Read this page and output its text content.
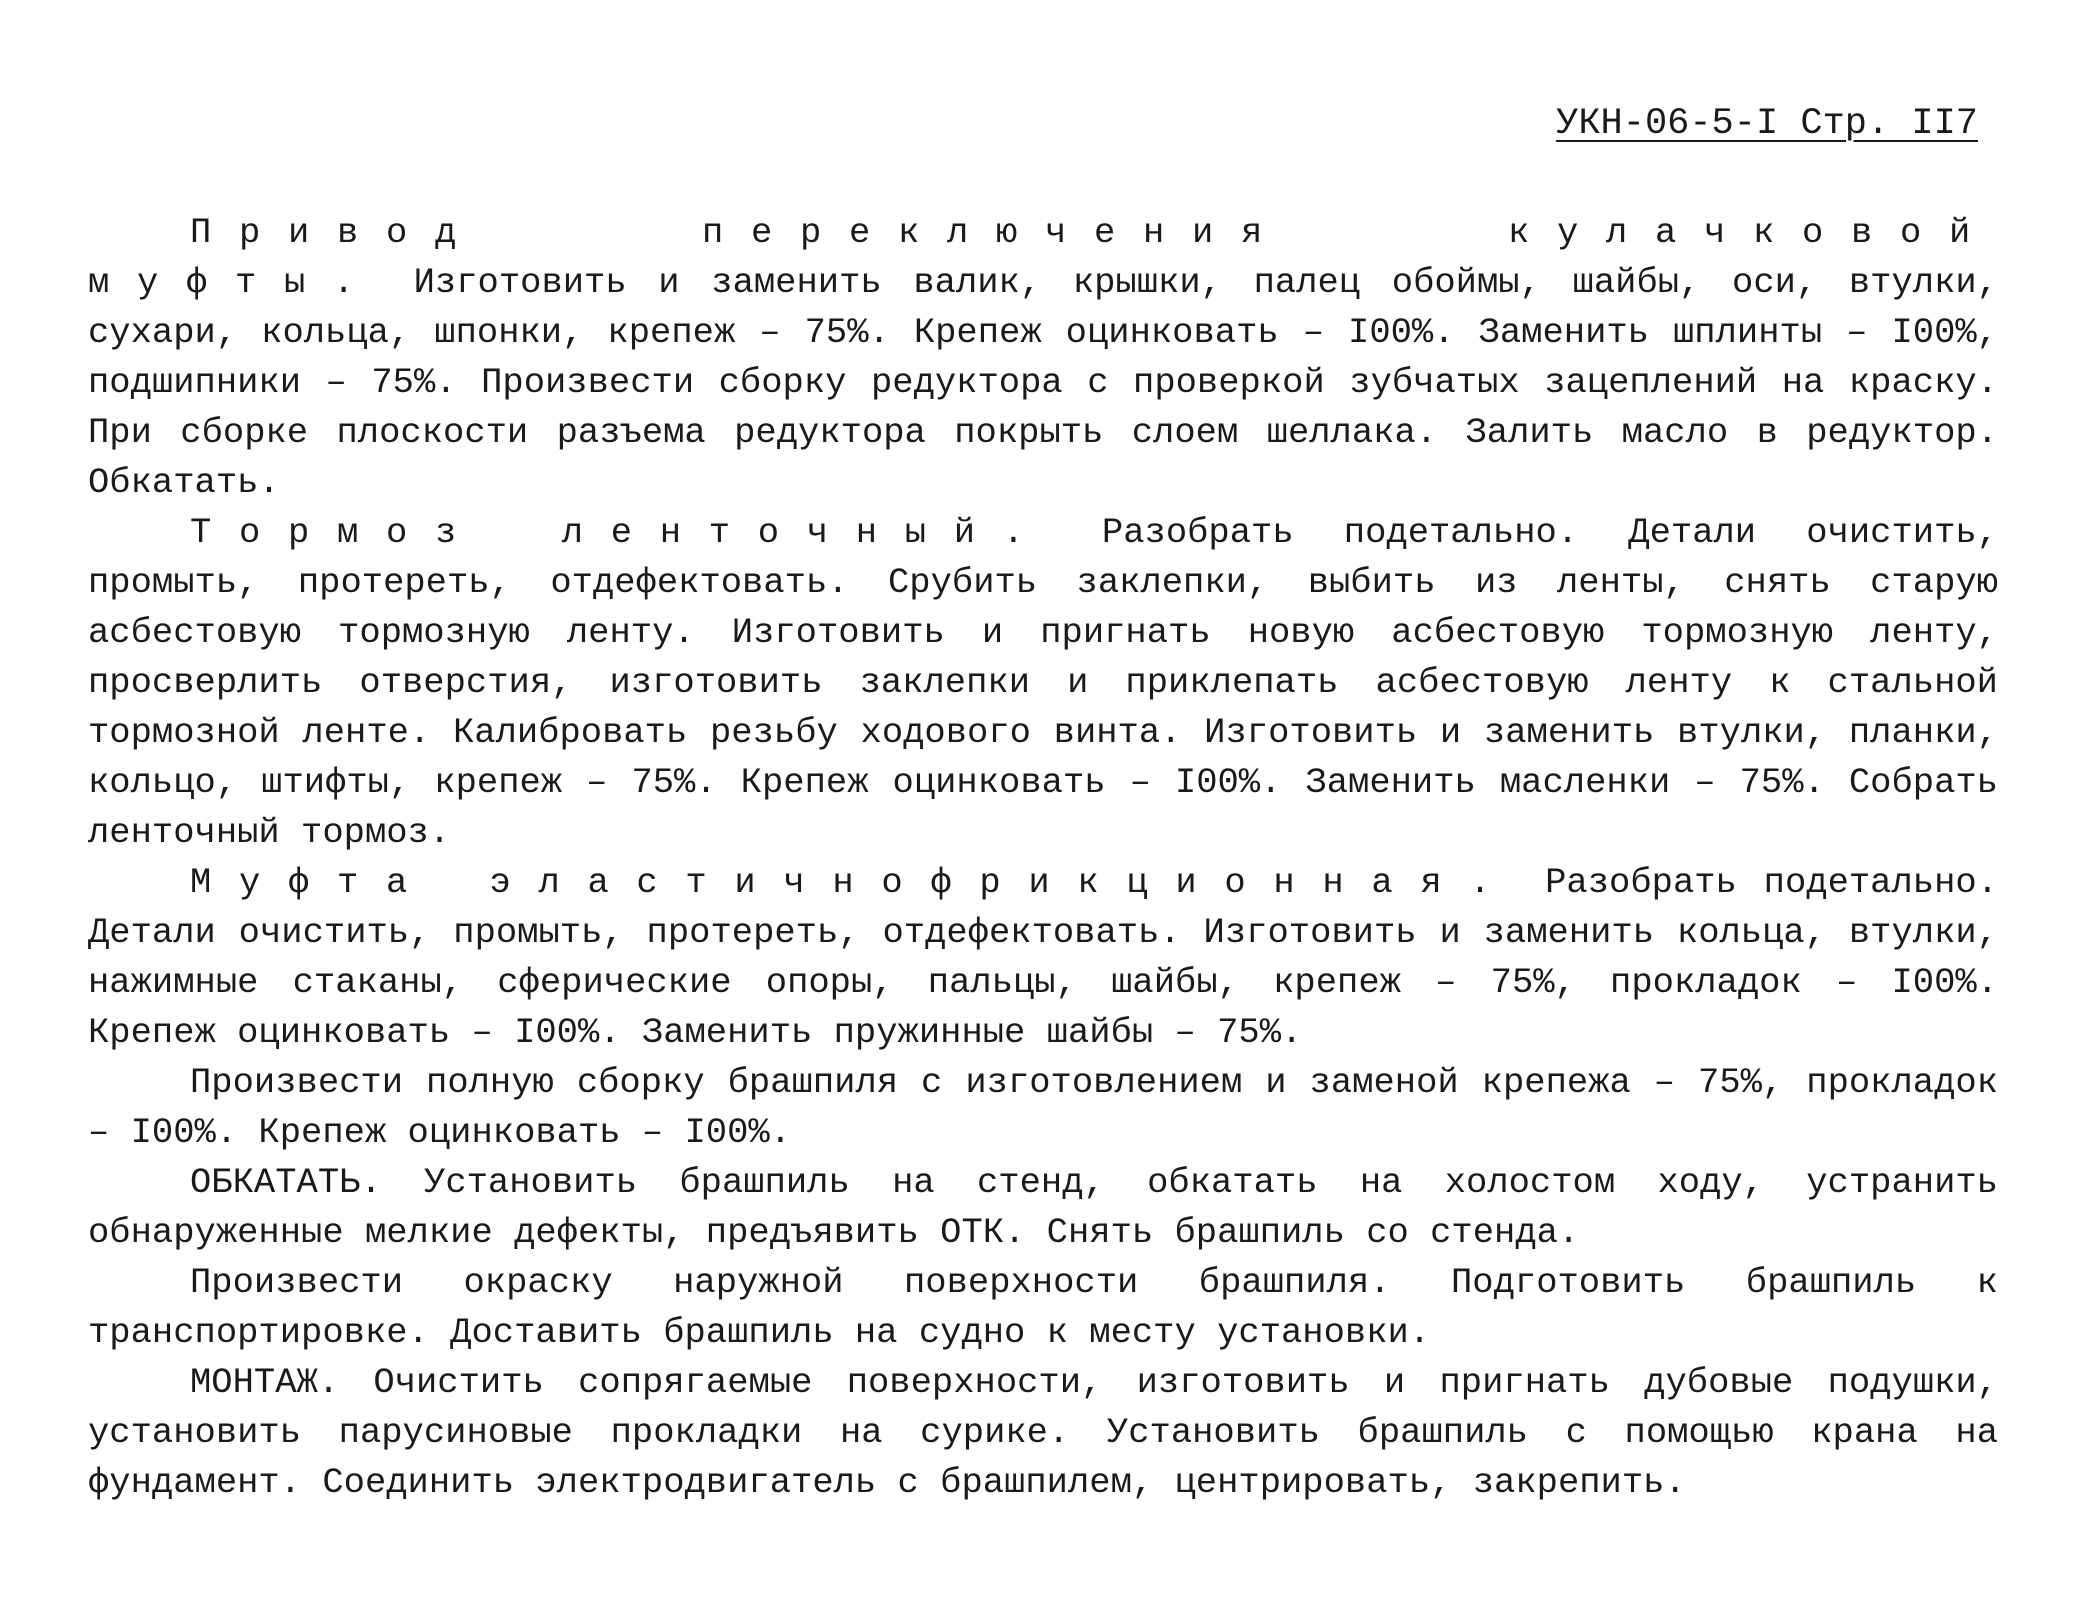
УКН-06-5-I Стр. II7

Привод переключения кулачковой муфты. Изготовить и заменить валик, крышки, палец обоймы, шайбы, оси, втулки, сухари, кольца, шпонки, крепеж – 75%. Крепеж оцинковать – I00%. Заменить шплинты – I00%, подшипники – 75%. Произвести сборку редуктора с проверкой зубчатых зацеплений на краску. При сборке плоскости разъема редуктора покрыть слоем шеллака. Залить масло в редуктор. Обкатать.

Тормоз ленточный. Разобрать подетально. Детали очистить, промыть, протереть, отдефектовать. Срубить заклепки, выбить из ленты, снять старую асбестовую тормозную ленту. Изготовить и пригнать новую асбестовую тормозную ленту, просверлить отверстия, изготовить заклепки и приклепать асбестовую ленту к стальной тормозной ленте. Калибровать резьбу ходового винта. Изготовить и заменить втулки, планки, кольцо, штифты, крепеж – 75%. Крепеж оцинковать – I00%. Заменить масленки – 75%. Собрать ленточный тормоз.

Муфта эластичнофрикционная. Разобрать подетально. Детали очистить, промыть, протереть, отдефектовать. Изготовить и заменить кольца, втулки, нажимные стаканы, сферические опоры, пальцы, шайбы, крепеж – 75%, прокладок – I00%. Крепеж оцинковать – I00%. Заменить пружинные шайбы – 75%.

Произвести полную сборку брашпиля с изготовлением и заменой крепежа – 75%, прокладок – I00%. Крепеж оцинковать – I00%.

ОБКАТАТЬ. Установить брашпиль на стенд, обкатать на холостом ходу, устранить обнаруженные мелкие дефекты, предъявить ОТК. Снять брашпиль со стенда.

Произвести окраску наружной поверхности брашпиля. Подготовить брашпиль к транспортировке. Доставить брашпиль на судно к месту установки.

МОНТАЖ. Очистить сопрягаемые поверхности, изготовить и пригнать дубовые подушки, установить парусиновые прокладки на сурике. Установить брашпиль с помощью крана на фундамент. Соединить электродвигатель с брашпилем, центрировать, закрепить.
